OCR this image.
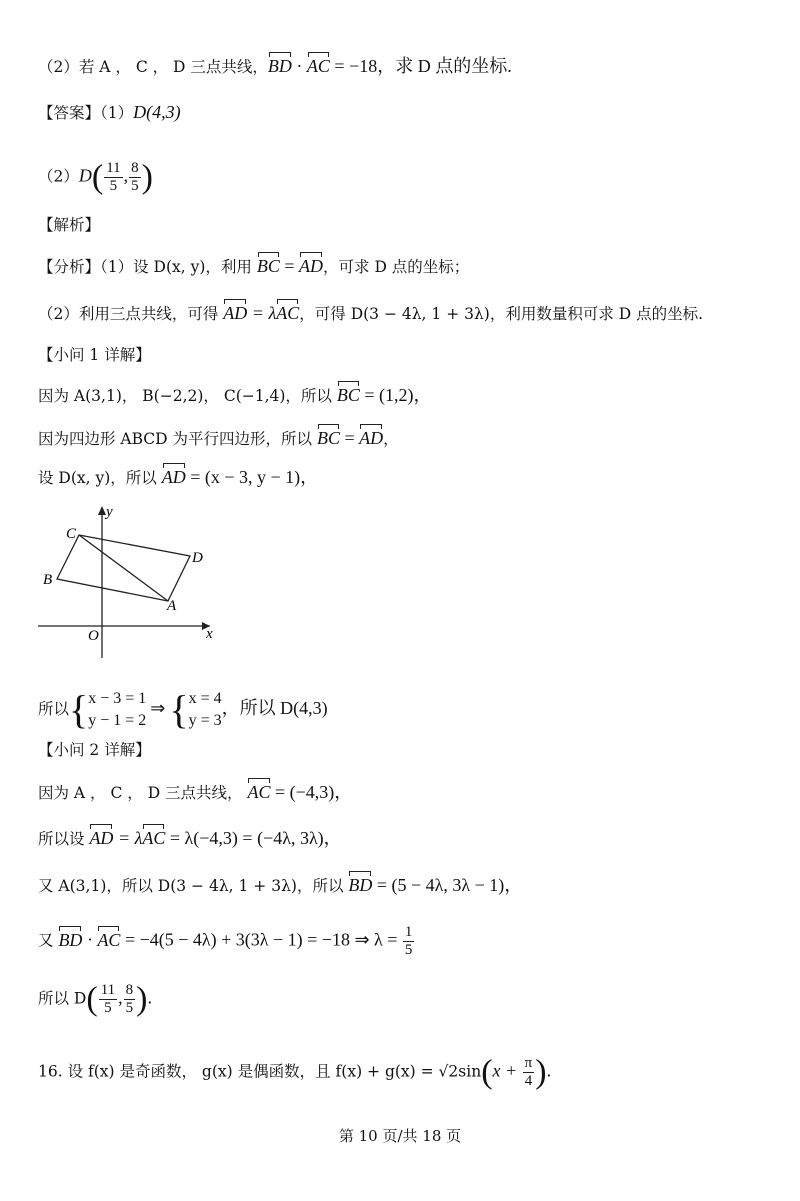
（2）若 A ， C ， D 三点共线，BD · AC = −18，求 D 点的坐标.
【答案】（1）D(4,3)
$(2)D( \frac{11}{5}$ , $\frac{8}{5}$ )
【解析】
【分析】（1）设 D(x, y)，利用 BC = AD，可求 D 点的坐标；
（2）利用三点共线，可得 AD = λAC，可得 D(3 − 4λ, 1 + 3λ)，利用数量积可求 D 点的坐标.
【小问 1 详解】
因为 A(3,1)， B(−2,2)， C(−1,4)，所以 BC = (1,2)，
因为四边形 ABCD 为平行四边形，所以 BC = AD，
设 D(x, y)，所以 AD = (x − 3, y − 1)，
y
C
D
B
A
O	x
所以{ x − 3 = 1
y − 1 = 2
⇒ { x = 4
y = 3
，所以 D(4,3)
【小问 2 详解】
因为 A ， C ， D 三点共线， AC = (−4,3)，
所以设 AD = λAC = λ(−4,3) = (−4λ, 3λ)，
又 A(3,1)，所以 D(3 − 4λ, 1 + 3λ)，所以 BD = (5 − 4λ, 3λ − 1)，
又 BD · AC = −4(5 − 4λ) + 3(3λ − 1) = −18 ⇒ $\lambda = \frac{1}{5}$
所以 $D( \frac{11}{5}$ , $\frac{8}{5}$ ).
16. 设 f(x) 是奇函数， g(x) 是偶函数，且 $f(x) + g(x) = √2\sin(x + \frac{\pi}{4}$ ).
第 10 页/共 18 页
